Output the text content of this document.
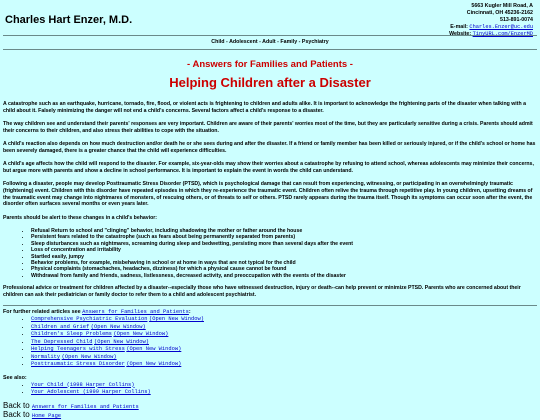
Charles Hart Enzer, M.D.
5663 Kugler Mill Road, A
Cincinnati, OH 45236-2162
513-891-0074
E-mail: Charles.Enzer@uc.edu
Website: TinyURL.com/EnzerMD
Child - Adolescent - Adult - Family - Psychiatry
- Answers for Families and Patients -
Helping Children after a Disaster

A catastrophe such as an earthquake, hurricane, tornado, fire, flood, or violent acts is frightening to children and adults alike. It is important to acknowledge the frightening parts of the disaster when talking with a child about it. Falsely minimizing the danger will not end a child's concerns. Several factors affect a child's response to a disaster.

The way children see and understand their parents' responses are very important. Children are aware of their parents' worries most of the time, but they are particularly sensitive during a crisis. Parents should admit their concerns to their children, and also stress their abilities to cope with the situation.

A child's reaction also depends on how much destruction and/or death he or she sees during and after the disaster. If a friend or family member has been killed or seriously injured, or if the child's school or home has been severely damaged, there is a greater chance that the child will experience difficulties.

A child's age affects how the child will respond to the disaster. For example, six-year-olds may show their worries about a catastrophe by refusing to attend school, whereas adolescents may minimize their concerns, but argue more with parents and show a decline in school performance. It is important to explain the event in words the child can understand.

Following a disaster, people may develop Posttraumatic Stress Disorder (PTSD), which is psychological damage that can result from experiencing, witnessing, or participating in an overwhelmingly traumatic (frightening) event. Children with this disorder have repeated episodes in which they re-experience the traumatic event. Children often relive the trauma through repetitive play. In young children, upsetting dreams of the traumatic event may change into nightmares of monsters, of rescuing others, or of threats to self or others. PTSD rarely appears during the trauma itself. Though its symptoms can occur soon after the event, the disorder often surfaces several months or even years later.

Parents should be alert to these changes in a child's behavior:

• Refusal Return to school and "clinging" behavior, including shadowing the mother or father around the house
• Persistent fears related to the catastrophe (such as fears about being permanently separated from parents)
• Sleep disturbances such as nightmares, screaming during sleep and bedwetting, persisting more than several days after the event
• Loss of concentration and irritability
• Startled easily, jumpy
• Behavior problems, for example, misbehaving in school or at home in ways that are not typical for the child
• Physical complaints (stomachaches, headaches, dizziness) for which a physical cause cannot be found
• Withdrawal from family and friends, sadness, listlessness, decreased activity, and preoccupation with the events of the disaster

Professional advice or treatment for children affected by a disaster--especially those who have witnessed destruction, injury or death--can help prevent or minimize PTSD. Parents who are concerned about their children can ask their pediatrician or family doctor to refer them to a child and adolescent psychiatrist.

For further related articles see Answers for Families and Patients:
• Comprehensive Psychiatric Evaluation (Open New Window)
• Children and Grief (Open New Window)
• Children's Sleep Problems (Open New Window)
• The Depressed Child (Open New Window)
• Helping Teenagers with Stress (Open New Window)
• Normality (Open New Window)
• Posttraumatic Stress Disorder (Open New Window)
See also:
• Your Child (1998 Harper Collins)
• Your Adolescent (1999 Harper Collins)
Back to Answers for Families and Patients
Back to Home Page
